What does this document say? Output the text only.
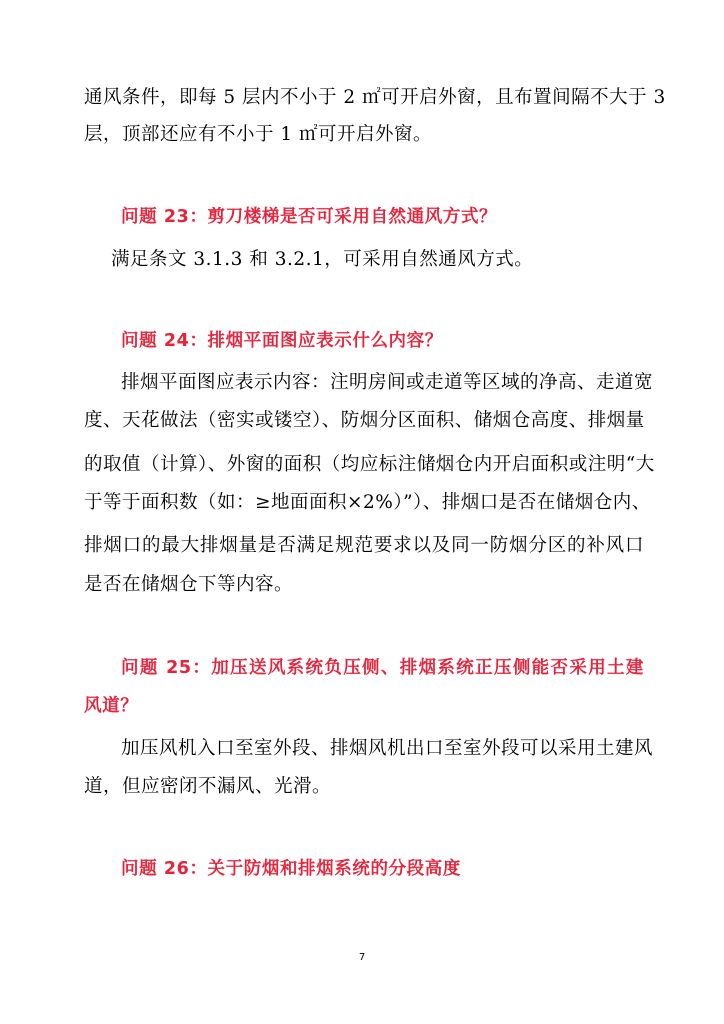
通风条件，即每 5 层内不小于 2 ㎡可开启外窗，且布置间隔不大于 3
层，顶部还应有不小于 1 ㎡可开启外窗。
问题 23：剪刀楼梯是否可采用自然通风方式？
满足条文 3.1.3 和 3.2.1，可采用自然通风方式。
问题 24：排烟平面图应表示什么内容？
排烟平面图应表示内容：注明房间或走道等区域的净高、走道宽
度、天花做法（密实或镂空）、防烟分区面积、储烟仓高度、排烟量
的取值（计算）、外窗的面积（均应标注储烟仓内开启面积或注明“大
于等于面积数（如：≥地面面积×2%）”）、排烟口是否在储烟仓内、
排烟口的最大排烟量是否满足规范要求以及同一防烟分区的补风口
是否在储烟仓下等内容。
问题 25：加压送风系统负压侧、排烟系统正压侧能否采用土建
风道？
加压风机入口至室外段、排烟风机出口至室外段可以采用土建风
道，但应密闭不漏风、光滑。
问题 26：关于防烟和排烟系统的分段高度
7
